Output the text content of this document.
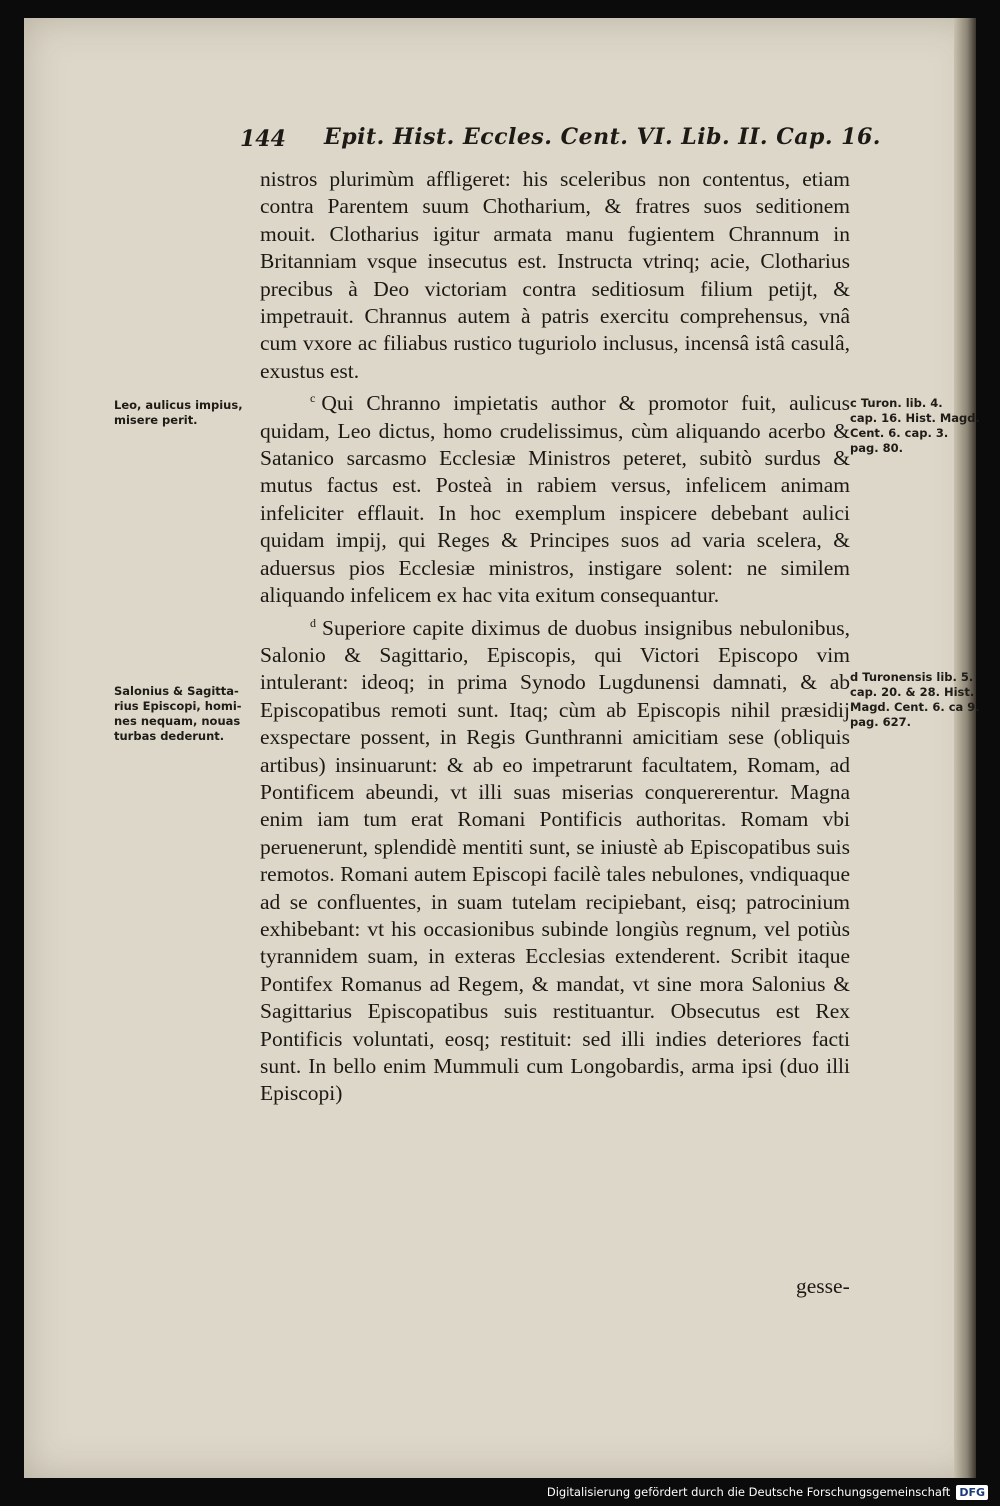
144 Epit. Hist. Eccles. Cent. VI. Lib. II. Cap. 16.

nistros plurimùm affligeret: his sceleribus non contentus, etiam contra Parentem suum Chotharium, & fratres suos seditionem mouit. Clotharius igitur armata manu fugientem Chrannum in Britanniam vsque insecutus est. Instructa vtrinq; acie, Clotharius precibus à Deo victoriam contra seditiosum filium petijt, & impetrauit. Chrannus autem à patris exercitu comprehensus, vnâ cum vxore ac filiabus rustico tuguriolo inclusus, incensâ istâ casulâ, exustus est.

$^c$ Qui Chranno impietatis author & promotor fuit, aulicus quidam, Leo dictus, homo crudelissimus, cùm aliquando acerbo & Satanico sarcasmo Ecclesiæ Ministros peteret, subitò surdus & mutus factus est. Posteà in rabiem versus, infelicem animam infeliciter efflauit. In hoc exemplum inspicere debebant aulici quidam impij, qui Reges & Principes suos ad varia scelera, & aduersus pios Ecclesiæ ministros, instigare solent: ne similem aliquando infelicem ex hac vita exitum consequantur.

$^d$ Superiore capite diximus de duobus insignibus nebulonibus, Salonio & Sagittario, Episcopis, qui Victori Episcopo vim intulerant: ideoq; in prima Synodo Lugdunensi damnati, & ab Episcopatibus remoti sunt. Itaq; cùm ab Episcopis nihil præsidij exspectare possent, in Regis Gunthranni amicitiam sese (obliquis artibus) insinuarunt: & ab eo impetrarunt facultatem, Romam, ad Pontificem abeundi, vt illi suas miserias conquererentur. Magna enim iam tum erat Romani Pontificis authoritas. Romam vbi peruenerunt, splendidè mentiti sunt, se iniustè ab Episcopatibus suis remotos. Romani autem Episcopi facilè tales nebulones, vndiquaque ad se confluentes, in suam tutelam recipiebant, eisq; patrocinium exhibebant: vt his occasionibus subinde longiùs regnum, vel potiùs tyrannidem suam, in exteras Ecclesias extenderent. Scribit itaque Pontifex Romanus ad Regem, & mandat, vt sine mora Salonius & Sagittarius Episcopatibus suis restituantur. Obsecutus est Rex Pontificis voluntati, eosq; restituit: sed illi indies deteriores facti sunt. In bello enim Mummuli cum Longobardis, arma ipsi (duo illi Episcopi)

Leo, aulicus impius,
misere perit.
Salonius & Sagitta-
rius Episcopi, homi-
nes nequam, nouas
turbas dederunt.
c Turon. lib. 4.
cap. 16. Hist. Magd.
Cent. 6. cap. 3.
pag. 80.
d Turonensis lib. 5.
cap. 20. & 28. Hist.
Magd. Cent. 6. ca 9.
pag. 627.
gesse-
Digitalisierung gefördert durch die Deutsche Forschungsgemeinschaft DFG
